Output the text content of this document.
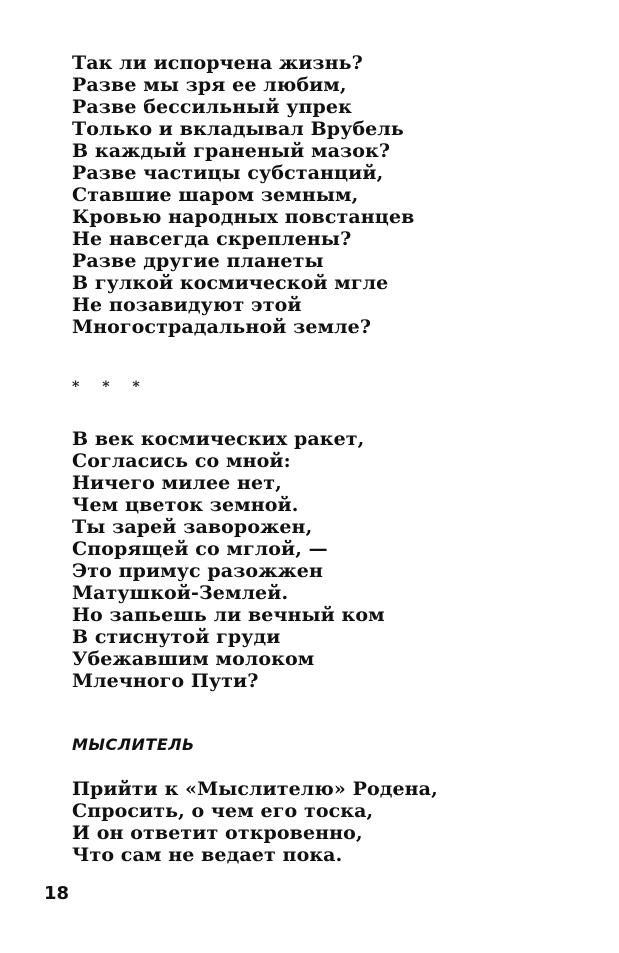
Так ли испорчена жизнь?
Разве мы зря ее любим,
Разве бессильный упрек
Только и вкладывал Врубель
В каждый граненый мазок?
Разве частицы субстанций,
Ставшие шаром земным,
Кровью народных повстанцев
Не навсегда скреплены?
Разве другие планеты
В гулкой космической мгле
Не позавидуют этой
Многострадальной земле?
* * *
В век космических ракет,
Согласись со мной:
Ничего милее нет,
Чем цветок земной.
Ты зарей заворожен,
Спорящей со мглой, —
Это примус разожжен
Матушкой-Землей.
Но запьешь ли вечный ком
В стиснутой груди
Убежавшим молоком
Млечного Пути?
МЫСЛИТЕЛЬ
Прийти к «Мыслителю» Родена,
Спросить, о чем его тоска,
И он ответит откровенно,
Что сам не ведает пока.
18
